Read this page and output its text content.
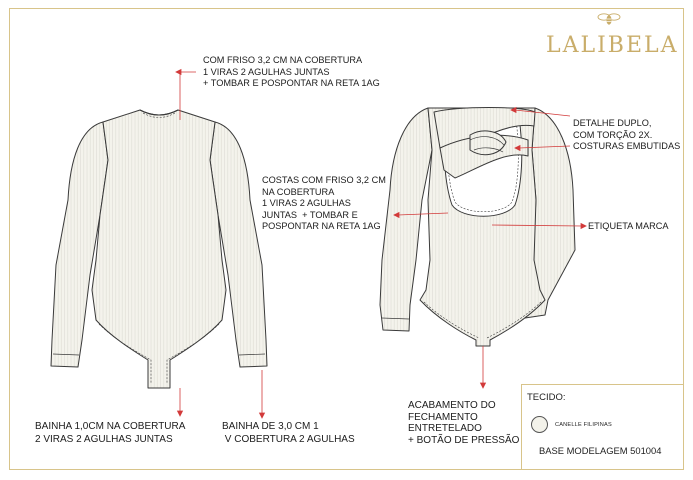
LALIBELA
COM FRISO 3,2 CM NA COBERTURA
1 VIRAS 2 AGULHAS JUNTAS
+ TOMBAR E POSPONTAR NA RETA 1AG
COSTAS COM FRISO 3,2 CM
NA COBERTURA
1 VIRAS 2 AGULHAS
JUNTAS  + TOMBAR E
POSPONTAR NA RETA 1AG
BAINHA 1,0CM NA COBERTURA
2 VIRAS 2 AGULHAS JUNTAS
BAINHA DE 3,0 CM 1
V COBERTURA 2 AGULHAS
DETALHE DUPLO,
COM TORÇÃO 2X.
COSTURAS EMBUTIDAS
ETIQUETA MARCA
ACABAMENTO DO
FECHAMENTO
ENTRETELADO
+ BOTÃO DE PRESSÃO
TECIDO:
CANELLE FILIPINAS
BASE MODELAGEM 501004
